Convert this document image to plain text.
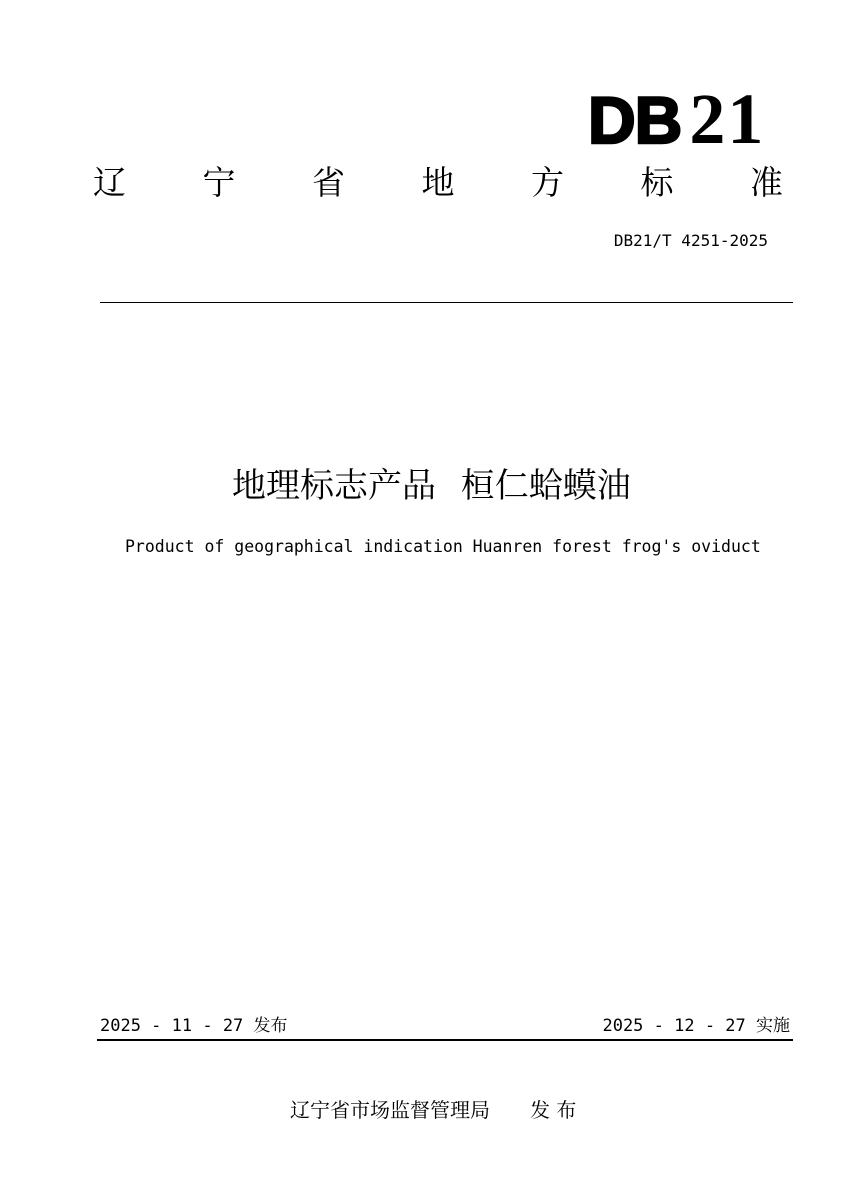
DB 21
辽 宁 省 地 方 标 准
DB21/T 4251-2025
地理标志产品 桓仁蛤蟆油
Product of geographical indication Huanren forest frog's oviduct
2025 - 11 - 27 发布	2025 - 12 - 27 实施
辽宁省市场监督管理局 发 布
